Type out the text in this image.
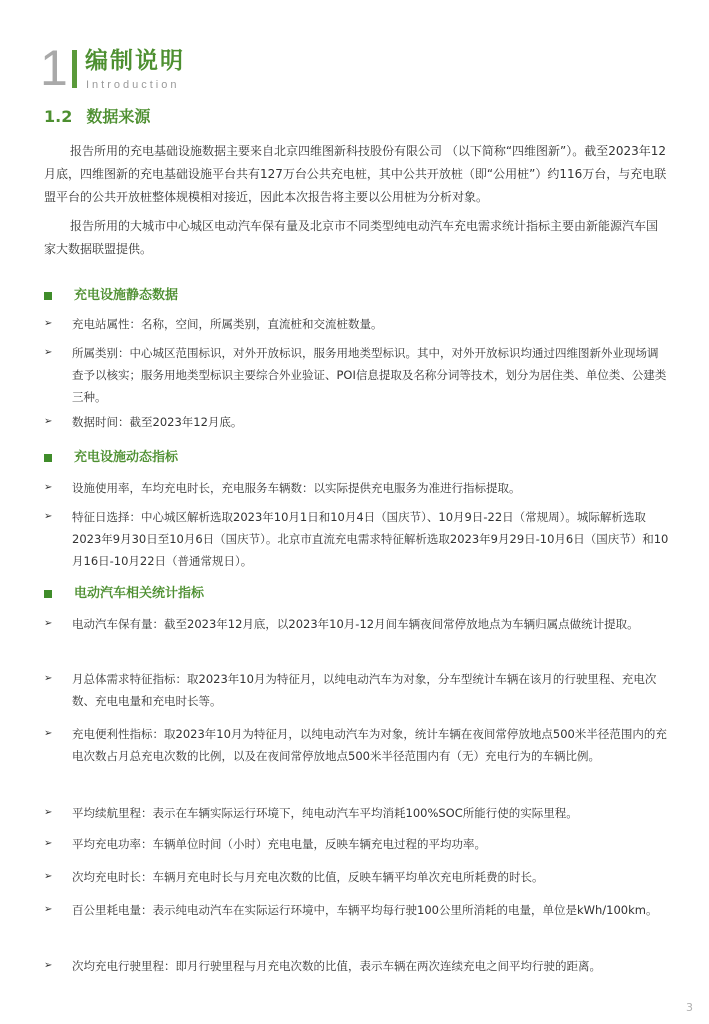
1 编制说明
Introduction
1.2 数据来源

报告所用的充电基础设施数据主要来自北京四维图新科技股份有限公司 （以下简称“四维图新”）。截至2023年12月底，四维图新的充电基础设施平台共有127万台公共充电桩，其中公共开放桩（即“公用桩”）约116万台，与充电联盟平台的公共开放桩整体规模相对接近，因此本次报告将主要以公用桩为分析对象。

报告所用的大城市中心城区电动汽车保有量及北京市不同类型纯电动汽车充电需求统计指标主要由新能源汽车国家大数据联盟提供。

充电设施静态数据
➢ 充电站属性：名称，空间，所属类别，直流桩和交流桩数量。
➢ 所属类别：中心城区范围标识，对外开放标识，服务用地类型标识。其中，对外开放标识均通过四维图新外业现场调查予以核实；服务用地类型标识主要综合外业验证、POI信息提取及名称分词等技术，划分为居住类、单位类、公建类三种。
➢ 数据时间：截至2023年12月底。
充电设施动态指标
➢ 设施使用率，车均充电时长，充电服务车辆数：以实际提供充电服务为准进行指标提取。
➢ 特征日选择：中心城区解析选取2023年10月1日和10月4日（国庆节）、10月9日-22日（常规周）。城际解析选取2023年9月30日至10月6日（国庆节）。北京市直流充电需求特征解析选取2023年9月29日-10月6日（国庆节）和10月16日-10月22日（普通常规日）。
电动汽车相关统计指标
➢ 电动汽车保有量：截至2023年12月底，以2023年10月-12月间车辆夜间常停放地点为车辆归属点做统计提取。
➢ 月总体需求特征指标：取2023年10月为特征月，以纯电动汽车为对象，分车型统计车辆在该月的行驶里程、充电次数、充电电量和充电时长等。
➢ 充电便利性指标：取2023年10月为特征月，以纯电动汽车为对象，统计车辆在夜间常停放地点500米半径范围内的充电次数占月总充电次数的比例，以及在夜间常停放地点500米半径范围内有（无）充电行为的车辆比例。
➢ 平均续航里程：表示在车辆实际运行环境下，纯电动汽车平均消耗100%SOC所能行使的实际里程。
➢ 平均充电功率：车辆单位时间（小时）充电电量，反映车辆充电过程的平均功率。
➢ 次均充电时长：车辆月充电时长与月充电次数的比值，反映车辆平均单次充电所耗费的时长。
➢ 百公里耗电量：表示纯电动汽车在实际运行环境中，车辆平均每行驶100公里所消耗的电量，单位是kWh/100km。
➢ 次均充电行驶里程：即月行驶里程与月充电次数的比值，表示车辆在两次连续充电之间平均行驶的距离。
3
